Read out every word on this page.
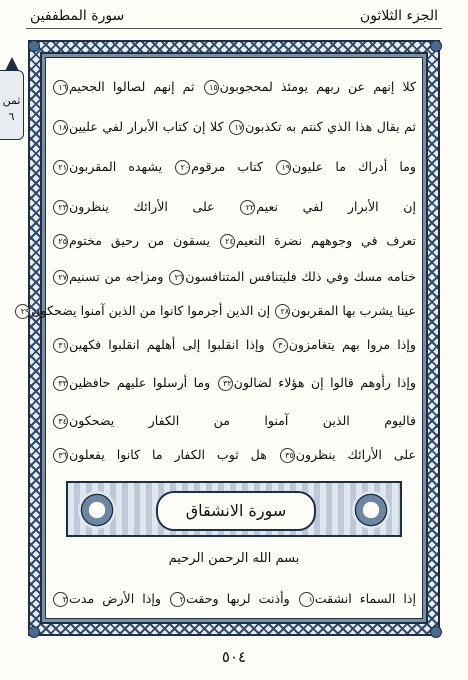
سورة المطففين	الجزء الثلاثون
ثمن
٦
كلا إنهم عن ربهم يومئذ لمحجوبون١٥ ثم إنهم لصالوا الجحيم١٦
ثم يقال هذا الذي كنتم به تكذبون١٧ كلا إن كتاب الأبرار لفي عليين١٨
وما أدراك ما عليون١٩ كتاب مرقوم٢٠ يشهده المقربون٢١
إن الأبرار لفي نعيم٢٢ على الأرائك ينظرون٢٣
تعرف في وجوههم نضرة النعيم٢٤ يسقون من رحيق مختوم٢٥
ختامه مسك وفي ذلك فليتنافس المتنافسون٢٦ ومزاجه من تسنيم٢٧
عينا يشرب بها المقربون٢٨ إن الذين أجرموا كانوا من الذين آمنوا يضحكون٢٩
وإذا مروا بهم يتغامزون٣٠ وإذا انقلبوا إلى أهلهم انقلبوا فكهين٣١
وإذا رأوهم قالوا إن هؤلاء لضالون٣٢ وما أرسلوا عليهم حافظين٣٣
فاليوم الذين آمنوا من الكفار يضحكون٣٤
على الأرائك ينظرون٣٥ هل ثوب الكفار ما كانوا يفعلون٣٦
سورة الانشقاق
بسم الله الرحمن الرحيم
إذا السماء انشقت١ وأذنت لربها وحقت٢ وإذا الأرض مدت٣
٥٠٤
